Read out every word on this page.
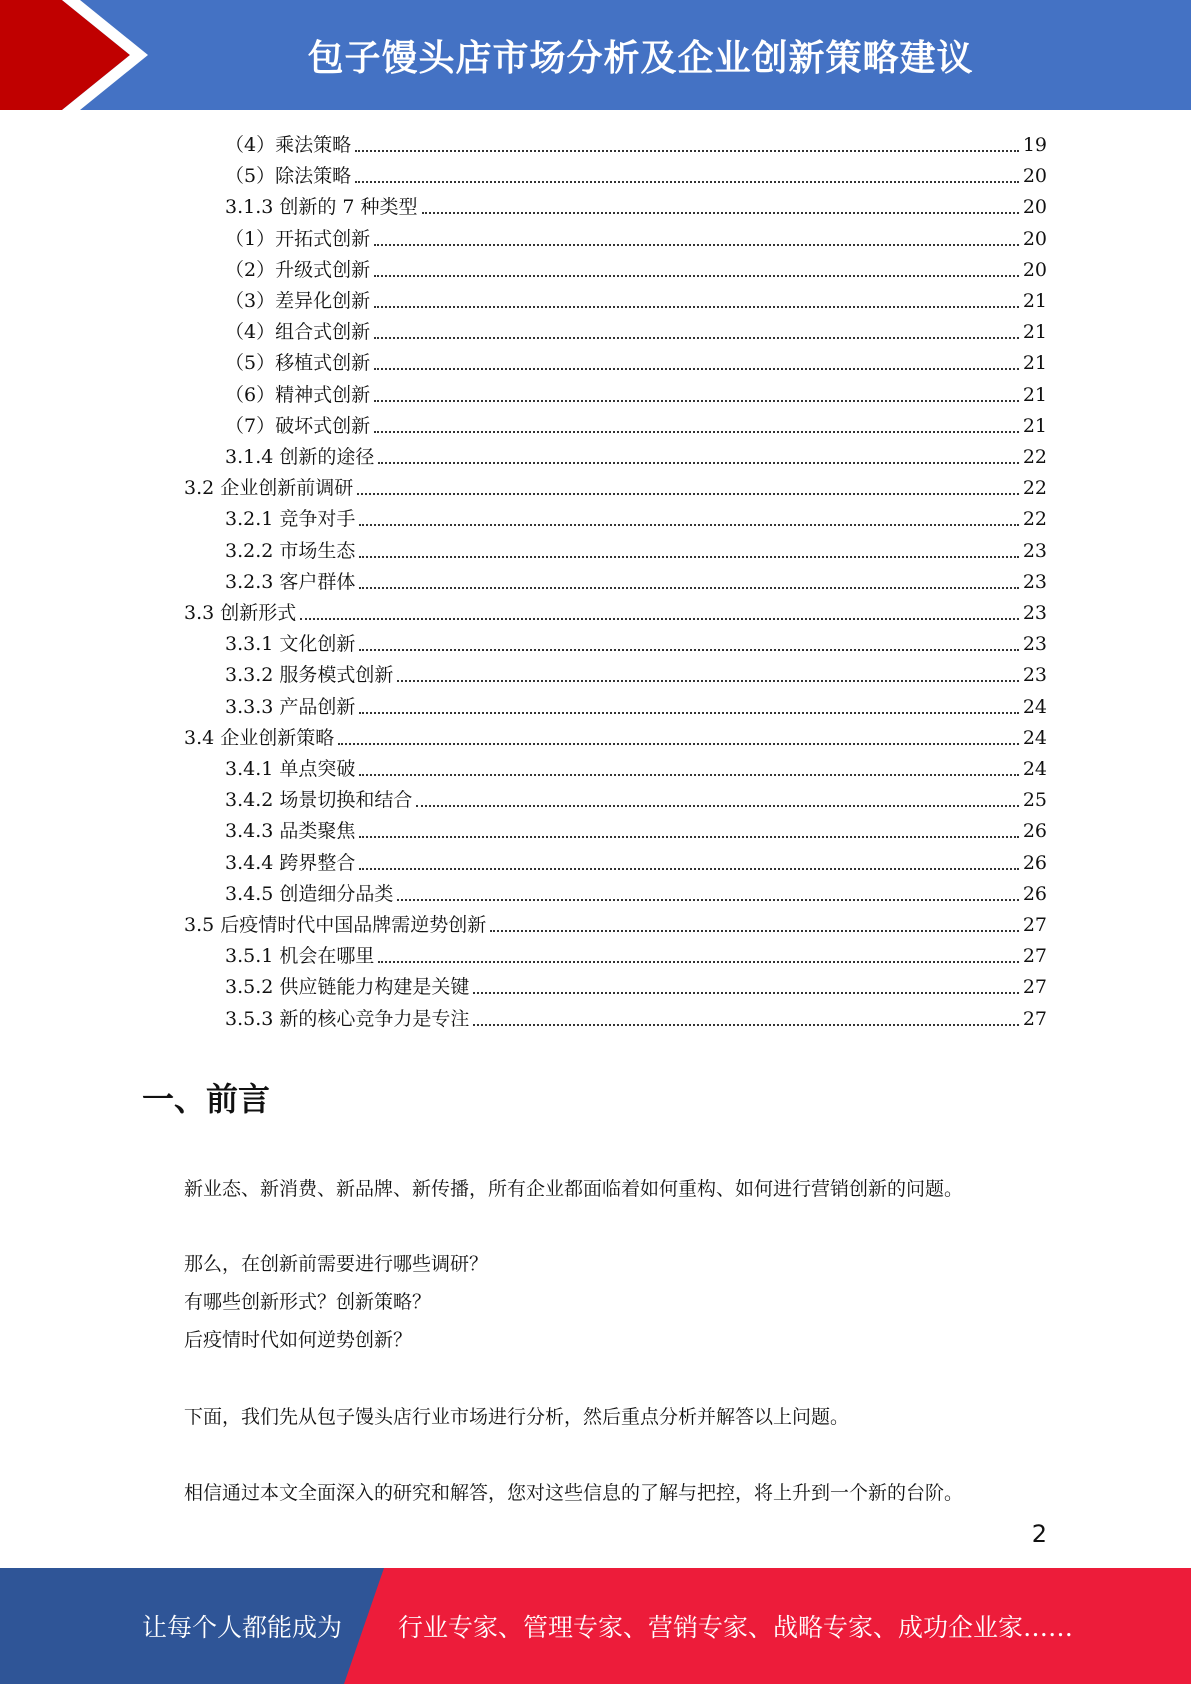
包子馒头店市场分析及企业创新策略建议
（4）乘法策略	19
（5）除法策略	20
3.1.3 创新的 7 种类型	20
（1）开拓式创新	20
（2）升级式创新	20
（3）差异化创新	21
（4）组合式创新	21
（5）移植式创新	21
（6）精神式创新	21
（7）破坏式创新	21
3.1.4 创新的途径	22
3.2 企业创新前调研	22
3.2.1 竞争对手	22
3.2.2 市场生态	23
3.2.3 客户群体	23
3.3 创新形式	23
3.3.1 文化创新	23
3.3.2 服务模式创新	23
3.3.3 产品创新	24
3.4 企业创新策略	24
3.4.1 单点突破	24
3.4.2 场景切换和结合	25
3.4.3 品类聚焦	26
3.4.4 跨界整合	26
3.4.5 创造细分品类	26
3.5 后疫情时代中国品牌需逆势创新	27
3.5.1 机会在哪里	27
3.5.2 供应链能力构建是关键	27
3.5.3 新的核心竞争力是专注	27
一、前言
新业态、新消费、新品牌、新传播，所有企业都面临着如何重构、如何进行营销创新的问题。
那么，在创新前需要进行哪些调研？
有哪些创新形式？创新策略？
后疫情时代如何逆势创新？
下面，我们先从包子馒头店行业市场进行分析，然后重点分析并解答以上问题。
相信通过本文全面深入的研究和解答，您对这些信息的了解与把控，将上升到一个新的台阶。
2
让每个人都能成为 行业专家、管理专家、营销专家、战略专家、成功企业家……
